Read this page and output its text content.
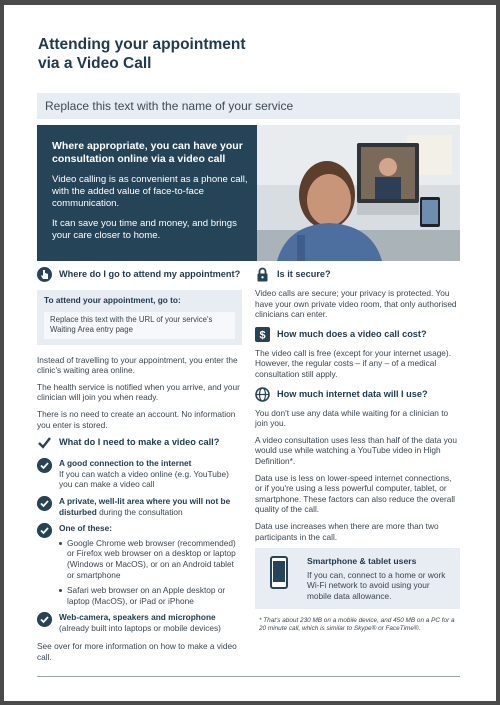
Attending your appointment
via a Video Call
Replace this text with the name of your service
Where appropriate, you can have your consultation online via a video call
Video calling is as convenient as a phone call, with the added value of face-to-face communication.
It can save you time and money, and brings your care closer to home.
Where do I go to attend my appointment?
To attend your appointment, go to:
Replace this text with the URL of your service's Waiting Area entry page

Instead of travelling to your appointment, you enter the clinic's waiting area online.

The health service is notified when you arrive, and your clinician will join you when ready.

There is no need to create an account. No information you enter is stored.

What do I need to make a video call?
A good connection to the internet
If you can watch a video online (e.g. YouTube) you can make a video call
A private, well-lit area where you will not be disturbed during the consultation
One of these:
Google Chrome web browser (recommended) or Firefox web browser on a desktop or laptop (Windows or MacOS), or on an Android tablet or smartphone
Safari web browser on an Apple desktop or laptop (MacOS), or iPad or iPhone
Web-camera, speakers and microphone
(already built into laptops or mobile devices)

See over for more information on how to make a video call.

Is it secure?

Video calls are secure; your privacy is protected. You have your own private video room, that only authorised clinicians can enter.

$ How much does a video call cost?

The video call is free (except for your internet usage). However, the regular costs – if any – of a medical consultation still apply.

How much internet data will I use?

You don't use any data while waiting for a clinician to join you.

A video consultation uses less than half of the data you would use while watching a YouTube video in High Definition*.

Data use is less on lower-speed internet connections, or if you're using a less powerful computer, tablet, or smartphone. These factors can also reduce the overall quality of the call.

Data use increases when there are more than two participants in the call.

Smartphone & tablet users
If you can, connect to a home or work Wi-Fi network to avoid using your mobile data allowance.
* That's about 230 MB on a mobile device, and 450 MB on a PC for a 20 minute call, which is similar to Skype® or FaceTime®.
